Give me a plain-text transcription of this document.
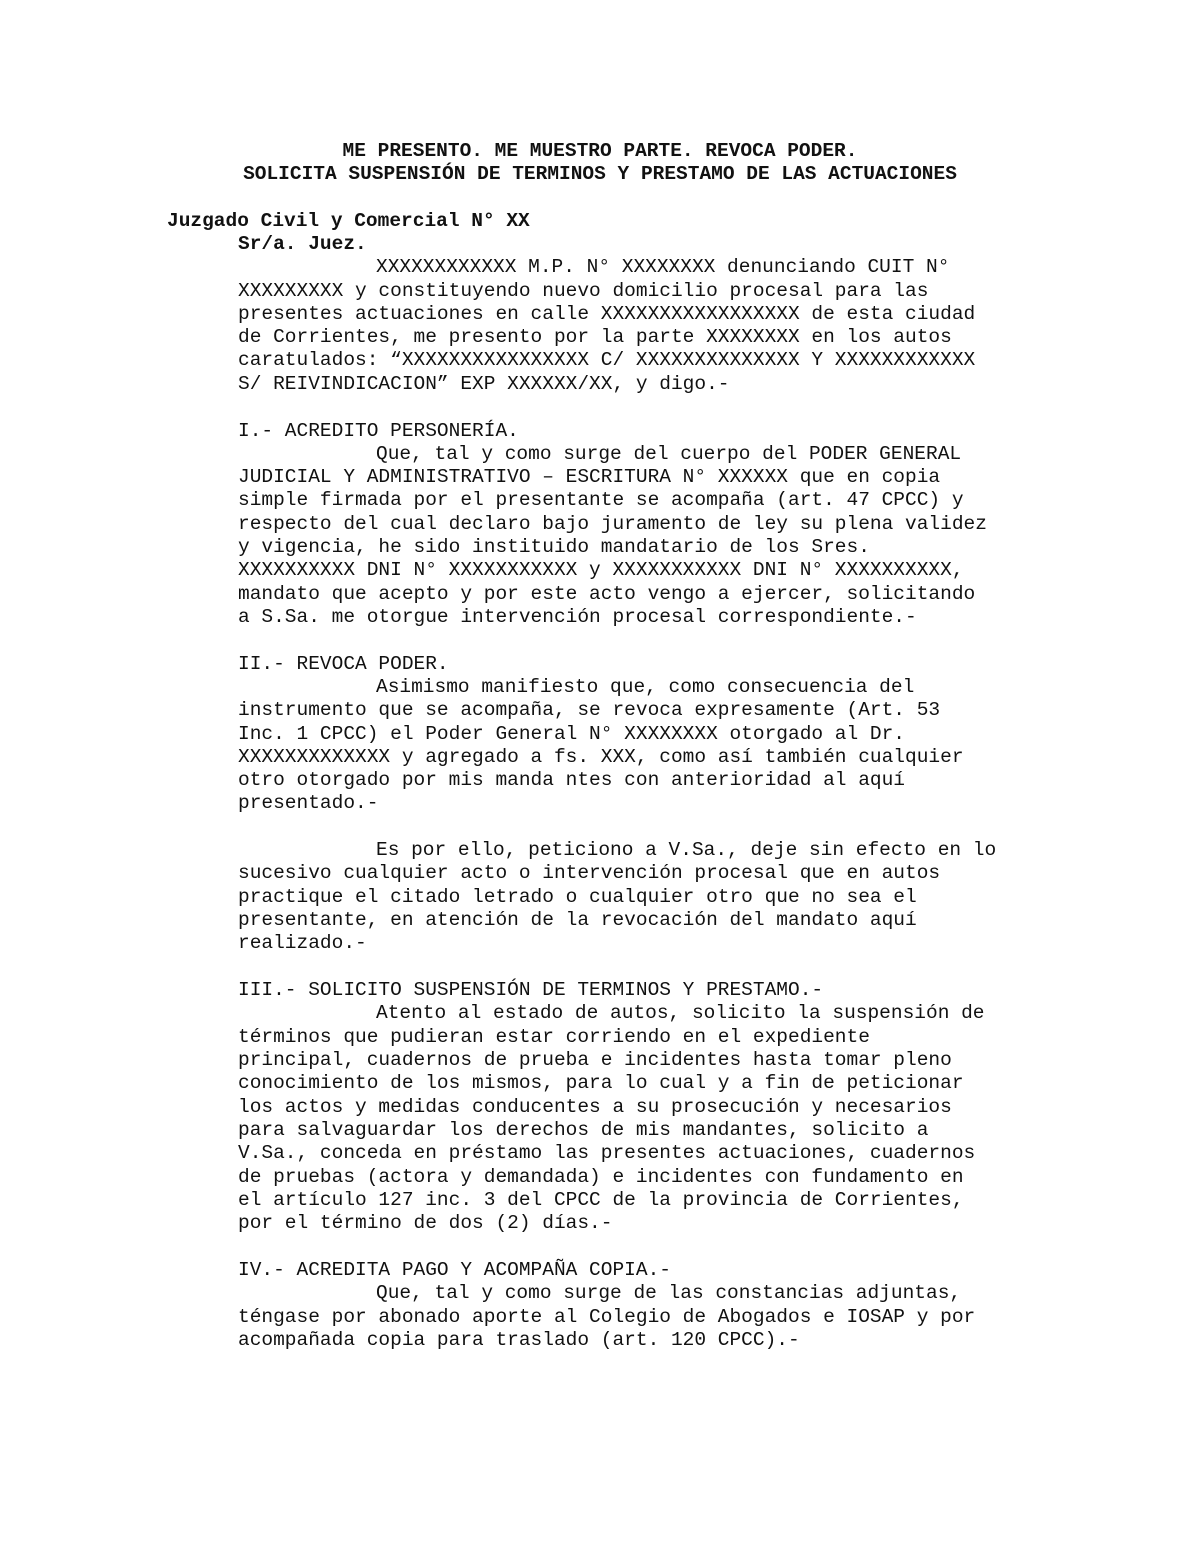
ME PRESENTO. ME MUESTRO PARTE. REVOCA PODER.
SOLICITA SUSPENSIÓN DE TERMINOS Y PRESTAMO DE LAS ACTUACIONES
Juzgado Civil y Comercial N° XX
Sr/a. Juez.
XXXXXXXXXXXX M.P. N° XXXXXXXX denunciando CUIT N°
XXXXXXXXX y constituyendo nuevo domicilio procesal para las
presentes actuaciones en calle XXXXXXXXXXXXXXXXX de esta ciudad
de Corrientes, me presento por la parte XXXXXXXX en los autos
caratulados: “XXXXXXXXXXXXXXXX C/ XXXXXXXXXXXXXX Y XXXXXXXXXXXX
S/ REIVINDICACION” EXP XXXXXX/XX, y digo.-
I.- ACREDITO PERSONERÍA.
Que, tal y como surge del cuerpo del PODER GENERAL
JUDICIAL Y ADMINISTRATIVO – ESCRITURA N° XXXXXX que en copia
simple firmada por el presentante se acompaña (art. 47 CPCC) y
respecto del cual declaro bajo juramento de ley su plena validez
y vigencia, he sido instituido mandatario de los Sres.
XXXXXXXXXX DNI N° XXXXXXXXXXX y XXXXXXXXXXX DNI N° XXXXXXXXXX,
mandato que acepto y por este acto vengo a ejercer, solicitando
a S.Sa. me otorgue intervención procesal correspondiente.-
II.- REVOCA PODER.
Asimismo manifiesto que, como consecuencia del
instrumento que se acompaña, se revoca expresamente (Art. 53
Inc. 1 CPCC) el Poder General N° XXXXXXXX otorgado al Dr.
XXXXXXXXXXXXX y agregado a fs. XXX, como así también cualquier
otro otorgado por mis manda ntes con anterioridad al aquí
presentado.-
Es por ello, peticiono a V.Sa., deje sin efecto en lo
sucesivo cualquier acto o intervención procesal que en autos
practique el citado letrado o cualquier otro que no sea el
presentante, en atención de la revocación del mandato aquí
realizado.-
III.- SOLICITO SUSPENSIÓN DE TERMINOS Y PRESTAMO.-
Atento al estado de autos, solicito la suspensión de
términos que pudieran estar corriendo en el expediente
principal, cuadernos de prueba e incidentes hasta tomar pleno
conocimiento de los mismos, para lo cual y a fin de peticionar
los actos y medidas conducentes a su prosecución y necesarios
para salvaguardar los derechos de mis mandantes, solicito a
V.Sa., conceda en préstamo las presentes actuaciones, cuadernos
de pruebas (actora y demandada) e incidentes con fundamento en
el artículo 127 inc. 3 del CPCC de la provincia de Corrientes,
por el término de dos (2) días.-
IV.- ACREDITA PAGO Y ACOMPAÑA COPIA.-
Que, tal y como surge de las constancias adjuntas,
téngase por abonado aporte al Colegio de Abogados e IOSAP y por
acompañada copia para traslado (art. 120 CPCC).-
